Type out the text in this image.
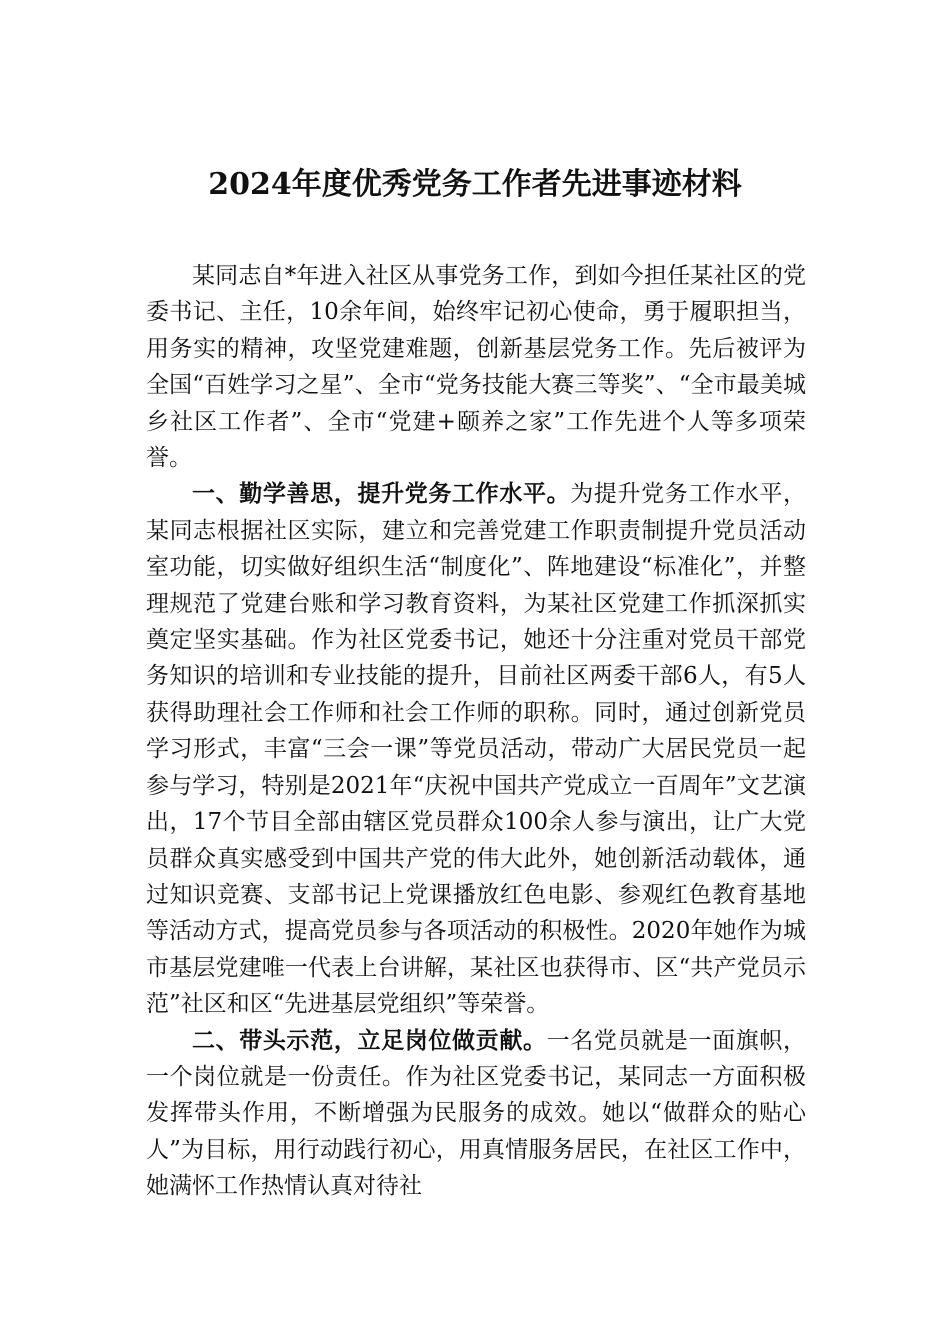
2024年度优秀党务工作者先进事迹材料

某同志自*年进入社区从事党务工作，到如今担任某社区的党委书记、主任，10余年间，始终牢记初心使命，勇于履职担当，用务实的精神，攻坚党建难题，创新基层党务工作。先后被评为全国“百姓学习之星”、全市“党务技能大赛三等奖”、“全市最美城乡社区工作者”、全市“党建+颐养之家”工作先进个人等多项荣誉。

一、勤学善思，提升党务工作水平。为提升党务工作水平，某同志根据社区实际，建立和完善党建工作职责制提升党员活动室功能，切实做好组织生活“制度化”、阵地建设“标准化”，并整理规范了党建台账和学习教育资料，为某社区党建工作抓深抓实奠定坚实基础。作为社区党委书记，她还十分注重对党员干部党务知识的培训和专业技能的提升，目前社区两委干部6人，有5人获得助理社会工作师和社会工作师的职称。同时，通过创新党员学习形式，丰富“三会一课”等党员活动，带动广大居民党员一起参与学习，特别是2021年“庆祝中国共产党成立一百周年”文艺演出，17个节目全部由辖区党员群众100余人参与演出，让广大党员群众真实感受到中国共产党的伟大此外，她创新活动载体，通过知识竞赛、支部书记上党课播放红色电影、参观红色教育基地等活动方式，提高党员参与各项活动的积极性。2020年她作为城市基层党建唯一代表上台讲解，某社区也获得市、区“共产党员示范”社区和区“先进基层党组织”等荣誉。

二、带头示范，立足岗位做贡献。一名党员就是一面旗帜，一个岗位就是一份责任。作为社区党委书记，某同志一方面积极发挥带头作用，不断增强为民服务的成效。她以“做群众的贴心人”为目标，用行动践行初心，用真情服务居民，在社区工作中，她满怀工作热情认真对待社
